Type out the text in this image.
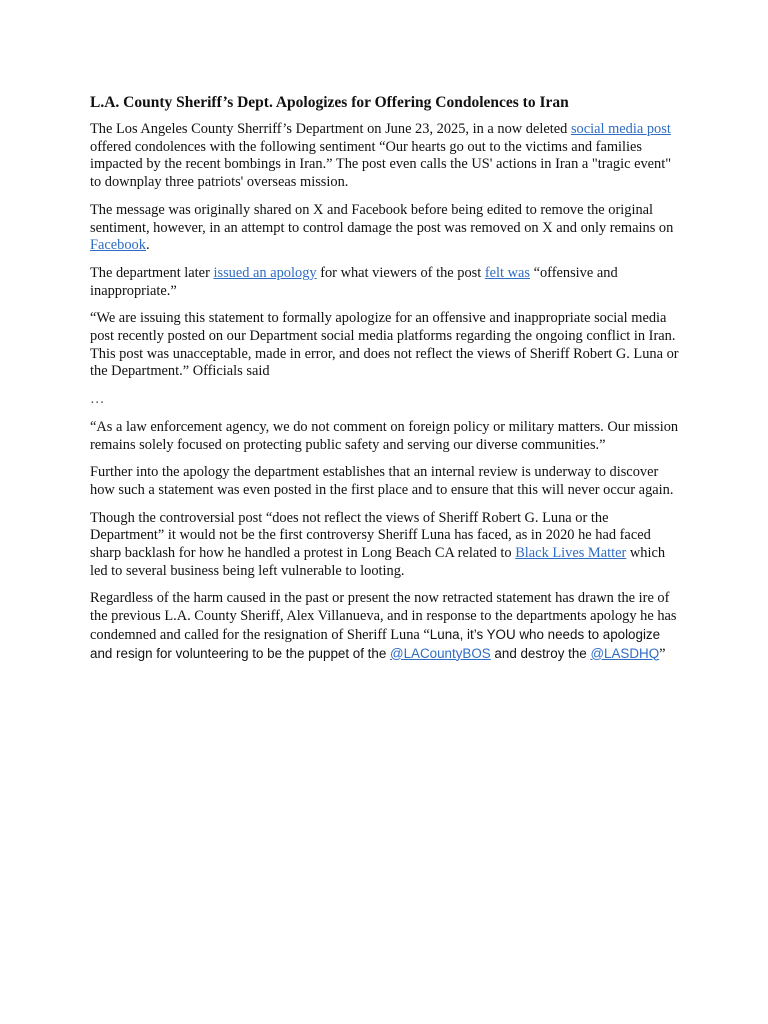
L.A. County Sheriff’s Dept. Apologizes for Offering Condolences to Iran

The Los Angeles County Sherriff’s Department on June 23, 2025, in a now deleted social media post offered condolences with the following sentiment “Our hearts go out to the victims and families impacted by the recent bombings in Iran.” The post even calls the US' actions in Iran a "tragic event" to downplay three patriots' overseas mission.

The message was originally shared on X and Facebook before being edited to remove the original sentiment, however, in an attempt to control damage the post was removed on X and only remains on Facebook.

The department later issued an apology for what viewers of the post felt was “offensive and inappropriate.”

“We are issuing this statement to formally apologize for an offensive and inappropriate social media post recently posted on our Department social media platforms regarding the ongoing conflict in Iran. This post was unacceptable, made in error, and does not reflect the views of Sheriff Robert G. Luna or the Department.” Officials said

…

“As a law enforcement agency, we do not comment on foreign policy or military matters. Our mission remains solely focused on protecting public safety and serving our diverse communities.”

Further into the apology the department establishes that an internal review is underway to discover how such a statement was even posted in the first place and to ensure that this will never occur again.

Though the controversial post “does not reflect the views of Sheriff Robert G. Luna or the Department” it would not be the first controversy Sheriff Luna has faced, as in 2020 he had faced sharp backlash for how he handled a protest in Long Beach CA related to Black Lives Matter which led to several business being left vulnerable to looting.

Regardless of the harm caused in the past or present the now retracted statement has drawn the ire of the previous L.A. County Sheriff, Alex Villanueva, and in response to the departments apology he has condemned and called for the resignation of Sheriff Luna “Luna, it’s YOU who needs to apologize and resign for volunteering to be the puppet of the @LACountyBOS and destroy the @LASDHQ”
